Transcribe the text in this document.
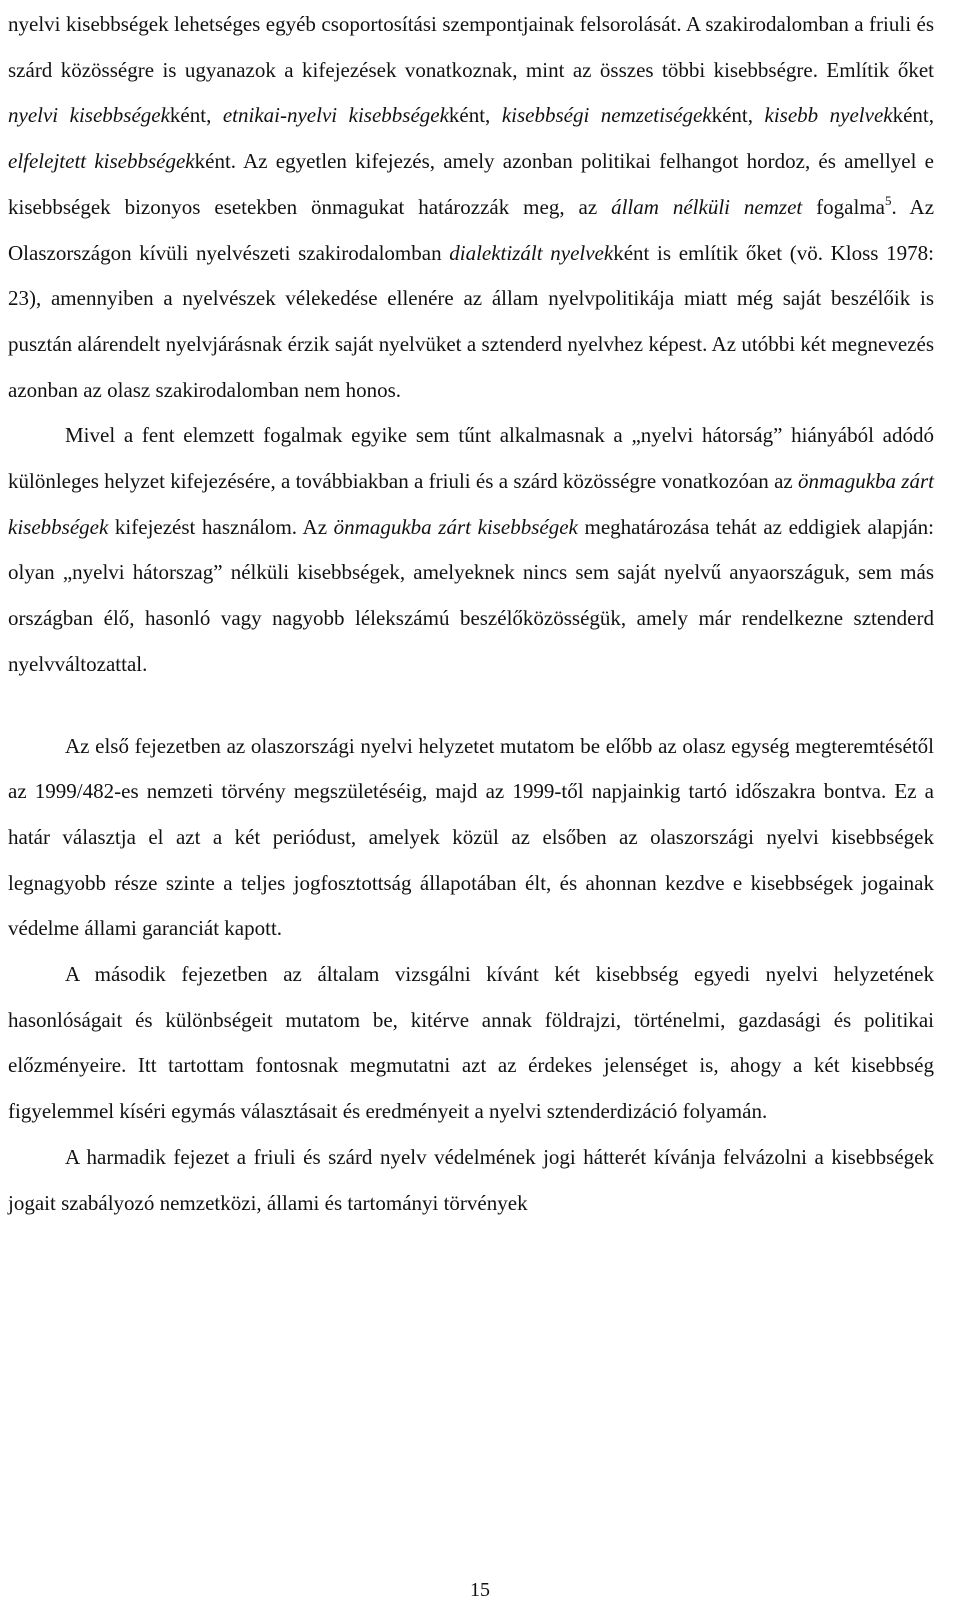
nyelvi kisebbségek lehetséges egyéb csoportosítási szempontjainak felsorolását. A szakirodalomban a friuli és szárd közösségre is ugyanazok a kifejezések vonatkoznak, mint az összes többi kisebbségre. Említik őket nyelvi kisebbségekként, etnikai-nyelvi kisebbségekként, kisebbségi nemzetiségekként, kisebb nyelvekként, elfelejtett kisebbségekként. Az egyetlen kifejezés, amely azonban politikai felhangot hordoz, és amellyel e kisebbségek bizonyos esetekben önmagukat határozzák meg, az állam nélküli nemzet fogalma$^5$. Az Olaszországon kívüli nyelvészeti szakirodalomban dialektizált nyelvekként is említik őket (vö. Kloss 1978: 23), amennyiben a nyelvészek vélekedése ellenére az állam nyelvpolitikája miatt még saját beszélőik is pusztán alárendelt nyelvjárásnak érzik saját nyelvüket a sztenderd nyelvhez képest. Az utóbbi két megnevezés azonban az olasz szakirodalomban nem honos.

Mivel a fent elemzett fogalmak egyike sem tűnt alkalmasnak a „nyelvi hátorság” hiányából adódó különleges helyzet kifejezésére, a továbbiakban a friuli és a szárd közösségre vonatkozóan az önmagukba zárt kisebbségek kifejezést használom. Az önmagukba zárt kisebbségek meghatározása tehát az eddigiek alapján: olyan „nyelvi hátorszag” nélküli kisebbségek, amelyeknek nincs sem saját nyelvű anyaországuk, sem más országban élő, hasonló vagy nagyobb lélekszámú beszélőközösségük, amely már rendelkezne sztenderd nyelvváltozattal.

Az első fejezetben az olaszországi nyelvi helyzetet mutatom be előbb az olasz egység megteremtésétől az 1999/482-es nemzeti törvény megszületéséig, majd az 1999-től napjainkig tartó időszakra bontva. Ez a határ választja el azt a két periódust, amelyek közül az elsőben az olaszországi nyelvi kisebbségek legnagyobb része szinte a teljes jogfosztottság állapotában élt, és ahonnan kezdve e kisebbségek jogainak védelme állami garanciát kapott.

A második fejezetben az általam vizsgálni kívánt két kisebbség egyedi nyelvi helyzetének hasonlóságait és különbségeit mutatom be, kitérve annak földrajzi, történelmi, gazdasági és politikai előzményeire. Itt tartottam fontosnak megmutatni azt az érdekes jelenséget is, ahogy a két kisebbség figyelemmel kíséri egymás választásait és eredményeit a nyelvi sztenderdizáció folyamán.

A harmadik fejezet a friuli és szárd nyelv védelmének jogi hátterét kívánja felvázolni a kisebbségek jogait szabályozó nemzetközi, állami és tartományi törvények

15
